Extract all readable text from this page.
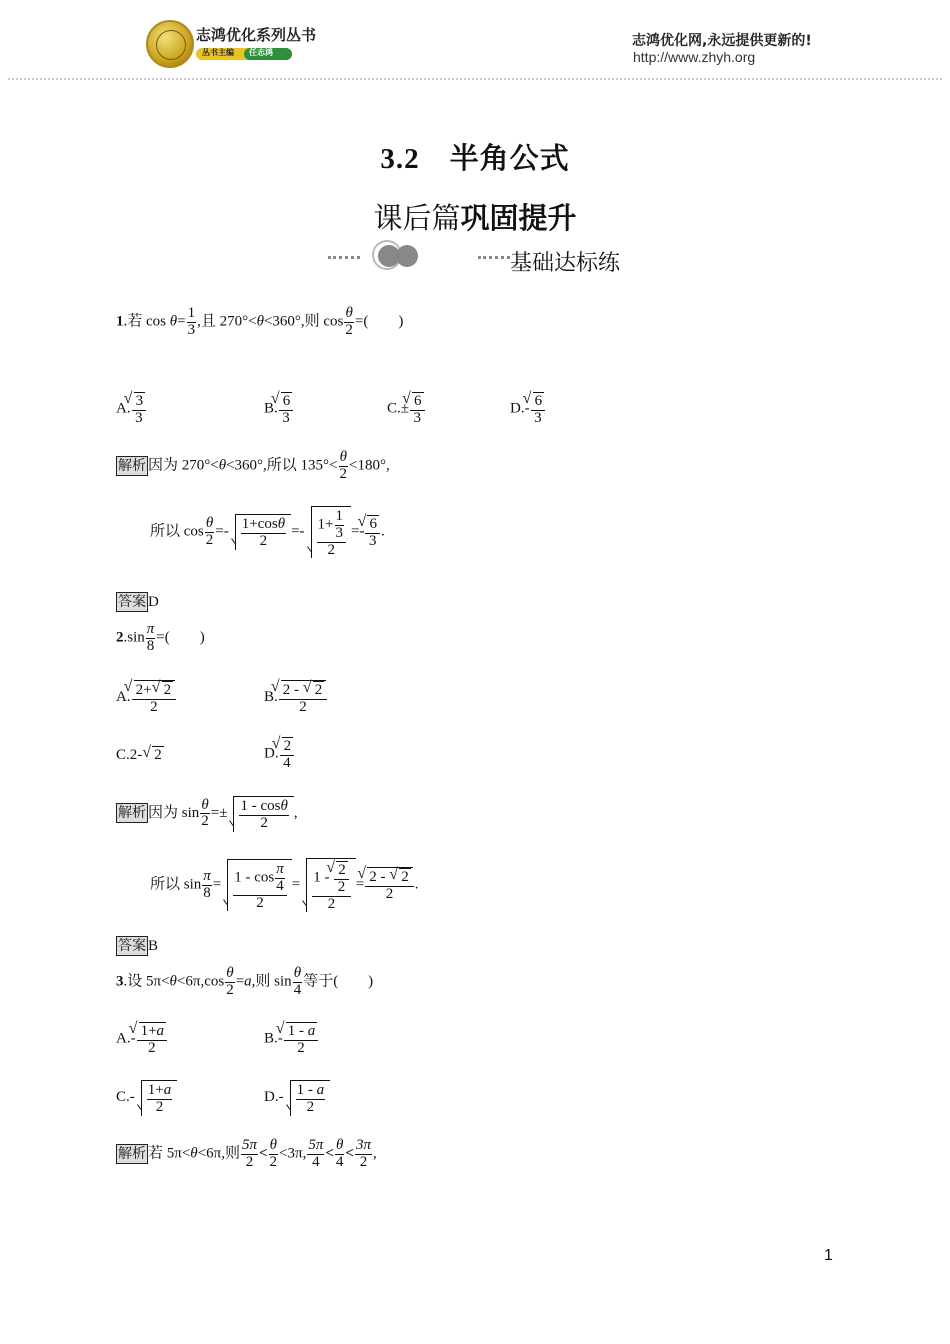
志鸿优化系列丛书
丛书主编 任志鸿
志鸿优化网,永远提供更新的!
http://www.zhyh.org
3.2　半角公式
课后篇巩固提升
基础达标练
1.若 $\cos \theta= \frac{1}{3}$ ,且 270°<θ<360°,则 $\cos \frac{\theta}{2}$ =(　　)
A.
√ $\frac{3}{3}$	B.
√ $\frac{6}{3}$	C.±
√ $\frac{6}{3}$	D.-
√ $\frac{6}{3}$
解析 因为 270°<θ<360°,所以 $135^\circ< \frac{\theta}{2} <180^\circ$,
所以 $\cos \frac{\theta}{2} =- \frac{1+\cos\theta}{2} =- \frac{1+ \frac{1}{3}}{2}$ =-
√ $\frac{6}{3}$ .
答案 D
$2.\sin \frac{\pi}{8}$ =(　　)
A.
√ $\frac{2+√ 2}{2}$	B.
√ $\frac{2 - √ 2}{2}$
C.2-√ 2	D.
√ $\frac{2}{4}$
解析 因为 $\sin \frac{\theta}{2} =\pm \frac{1 - \cos\theta}{2}$ ,
所以 $\sin \frac{\pi}{8} = \frac{1 - \cos \frac{\pi}{4}}{2} = 1$ -
√ $\frac{2}{2}$
2 =
√ $\frac{2 - √ 2}{2}$ .
答案 B
3.设 $5\pi<\theta<6\pi,\cos \frac{\theta}{2} =a$,则 $\sin \frac{\theta}{4}$ 等于(　　)
A.-
√ $\frac{1+a}{2}$	B.-
√ $\frac{1 - a}{2}$
$C.- \frac{1+a}{2}$	$D.- \frac{1 - a}{2}$
解析 若 5π<θ<6π,则 $\frac{5\pi}{2} < \frac{\theta}{2} <3\pi$, $\frac{5\pi}{4} < \frac{\theta}{4} < \frac{3\pi}{2}$ ,
1
